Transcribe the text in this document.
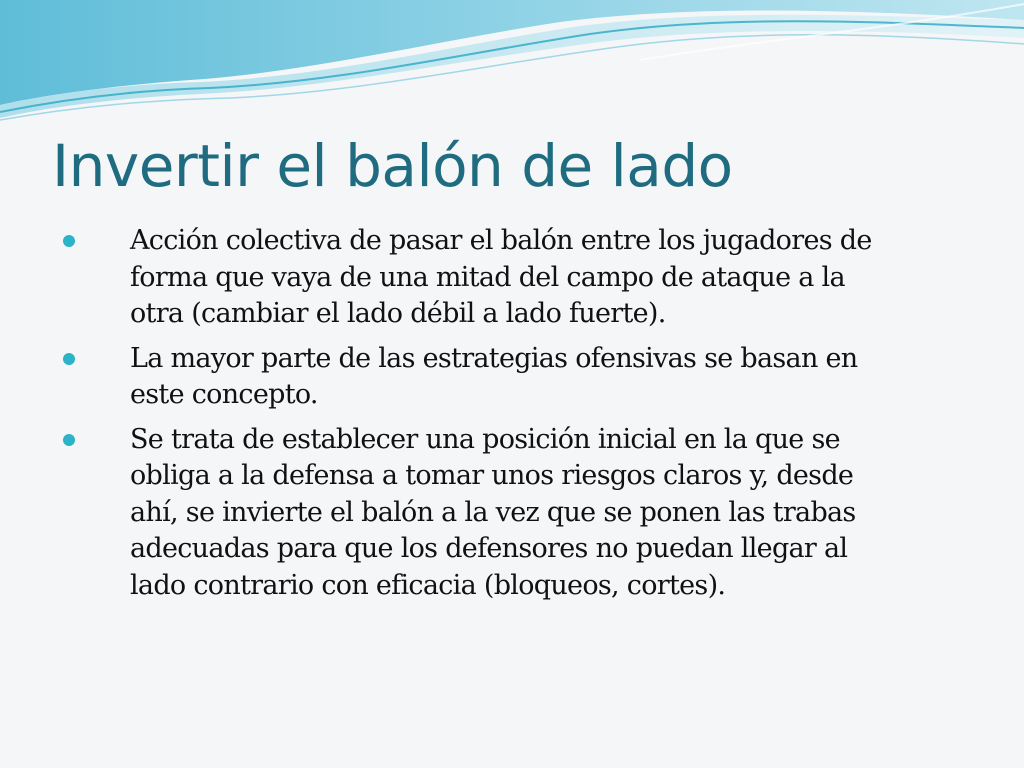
Invertir el balón de lado
Acción colectiva de pasar el balón entre los jugadores de
forma que vaya de una mitad del campo de ataque a la
otra (cambiar el lado débil a lado fuerte).
La mayor parte de las estrategias ofensivas se basan en
este concepto.
Se trata de establecer una posición inicial en la que se
obliga a la defensa a tomar unos riesgos claros y, desde
ahí, se invierte el balón a la vez que se ponen las trabas
adecuadas para que los defensores no puedan llegar al
lado contrario con eficacia (bloqueos, cortes).
